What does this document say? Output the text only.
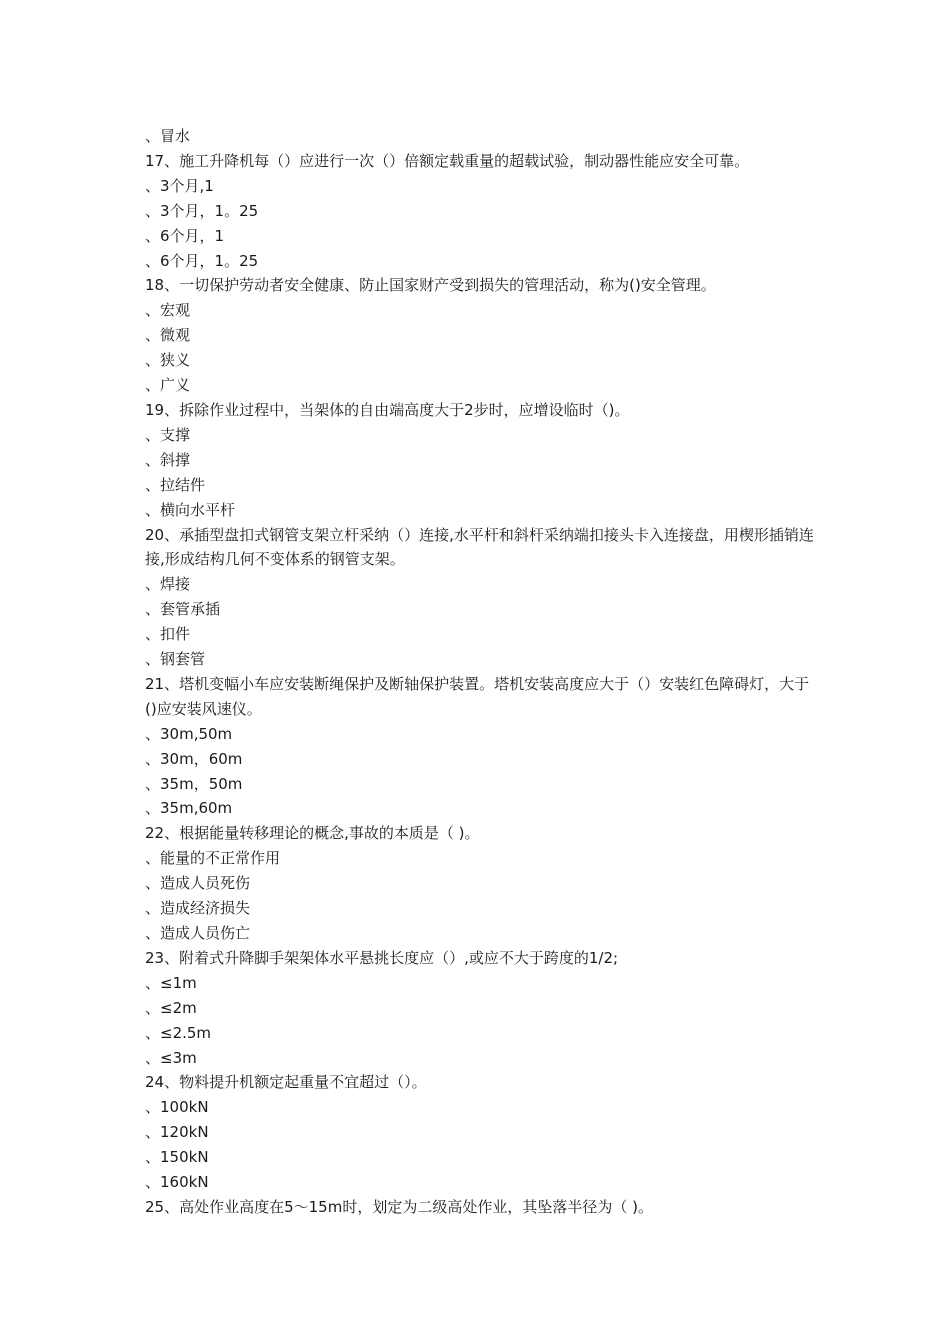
、冒水

17、施工升降机每（）应进行一次（）倍额定载重量的超载试验，制动器性能应安全可靠。

、3个月,1

、3个月，1。25

、6个月，1

、6个月，1。25

18、一切保护劳动者安全健康、防止国家财产受到损失的管理活动，称为()安全管理。

、宏观

、微观

、狭义

、广义

19、拆除作业过程中，当架体的自由端高度大于2步时，应增设临时（)。

、支撑

、斜撑

、拉结件

、横向水平杆

20、承插型盘扣式钢管支架立杆采纳（）连接,水平杆和斜杆采纳端扣接头卡入连接盘，用楔形插销连接,形成结构几何不变体系的钢管支架。

、焊接

、套管承插

、扣件

、钢套管

21、塔机变幅小车应安装断绳保护及断轴保护装置。塔机安装高度应大于（）安装红色障碍灯，大于()应安装风速仪。

、30m,50m

、30m，60m

、35m，50m

、35m,60m

22、根据能量转移理论的概念,事故的本质是（ )。

、能量的不正常作用

、造成人员死伤

、造成经济损失

、造成人员伤亡

23、附着式升降脚手架架体水平悬挑长度应（）,或应不大于跨度的1/2;

、≤1m

、≤2m

、≤2.5m

、≤3m

24、物料提升机额定起重量不宜超过（）。

、100kN

、120kN

、150kN

、160kN

25、高处作业高度在5～15m时，划定为二级高处作业，其坠落半径为（ )。
